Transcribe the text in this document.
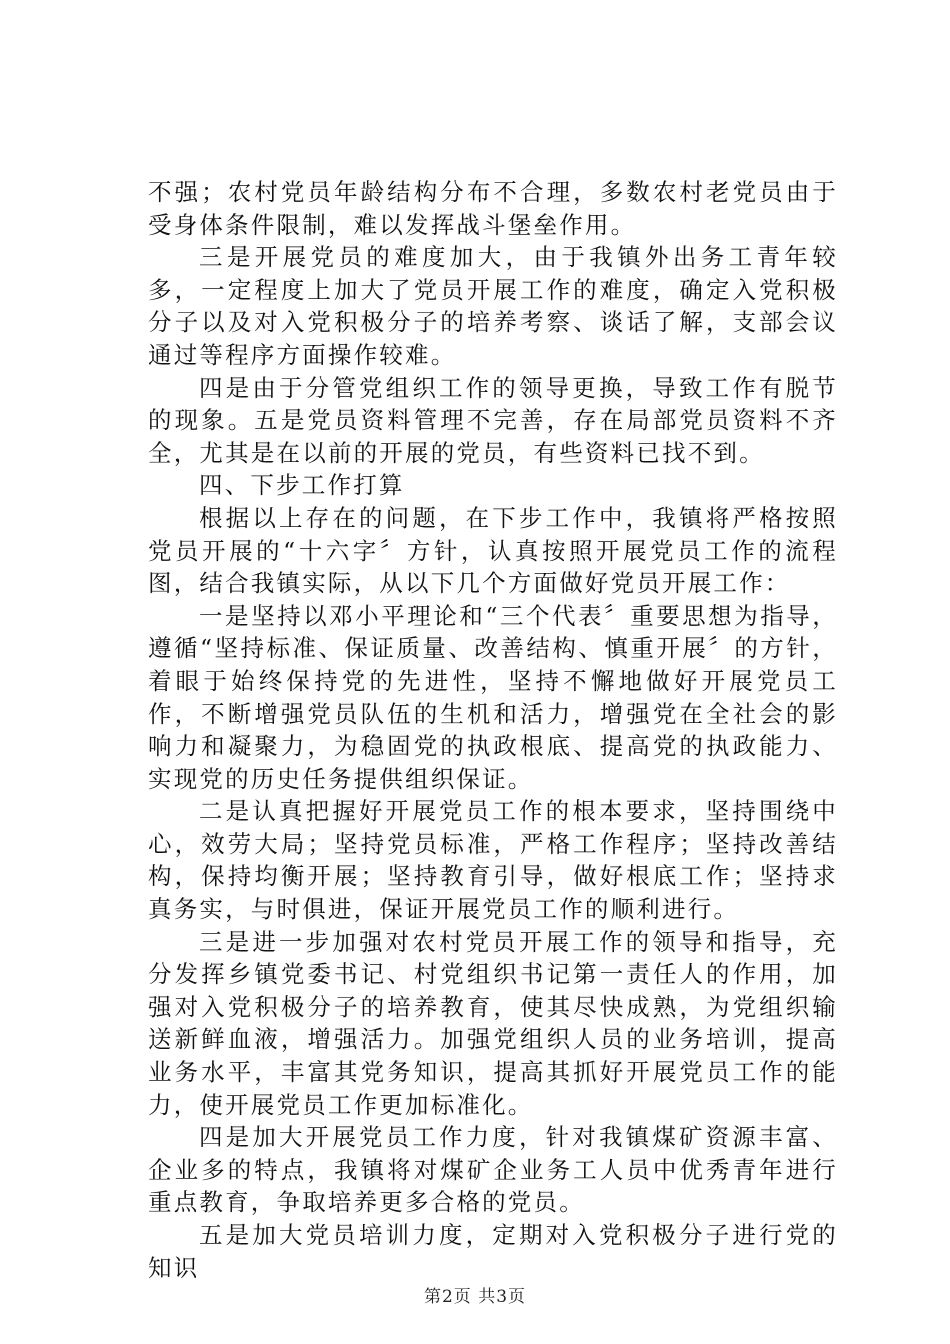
不强；农村党员年龄结构分布不合理，多数农村老党员由于受身体条件限制，难以发挥战斗堡垒作用。

三是开展党员的难度加大，由于我镇外出务工青年较多，一定程度上加大了党员开展工作的难度，确定入党积极分子以及对入党积极分子的培养考察、谈话了解，支部会议通过等程序方面操作较难。

四是由于分管党组织工作的领导更换，导致工作有脱节的现象。五是党员资料管理不完善，存在局部党员资料不齐全，尤其是在以前的开展的党员，有些资料已找不到。

四、下步工作打算

根据以上存在的问题，在下步工作中，我镇将严格按照党员开展的“十六字〞方针，认真按照开展党员工作的流程图，结合我镇实际，从以下几个方面做好党员开展工作：

一是坚持以邓小平理论和“三个代表〞重要思想为指导，遵循“坚持标准、保证质量、改善结构、慎重开展〞的方针，着眼于始终保持党的先进性，坚持不懈地做好开展党员工作，不断增强党员队伍的生机和活力，增强党在全社会的影响力和凝聚力，为稳固党的执政根底、提高党的执政能力、实现党的历史任务提供组织保证。

二是认真把握好开展党员工作的根本要求，坚持围绕中心，效劳大局；坚持党员标准，严格工作程序；坚持改善结构，保持均衡开展；坚持教育引导，做好根底工作；坚持求真务实，与时俱进，保证开展党员工作的顺利进行。

三是进一步加强对农村党员开展工作的领导和指导，充分发挥乡镇党委书记、村党组织书记第一责任人的作用，加强对入党积极分子的培养教育，使其尽快成熟，为党组织输送新鲜血液，增强活力。加强党组织人员的业务培训，提高业务水平，丰富其党务知识，提高其抓好开展党员工作的能力，使开展党员工作更加标准化。

四是加大开展党员工作力度，针对我镇煤矿资源丰富、企业多的特点，我镇将对煤矿企业务工人员中优秀青年进行重点教育，争取培养更多合格的党员。

五是加大党员培训力度，定期对入党积极分子进行党的知识

第2页 共3页
